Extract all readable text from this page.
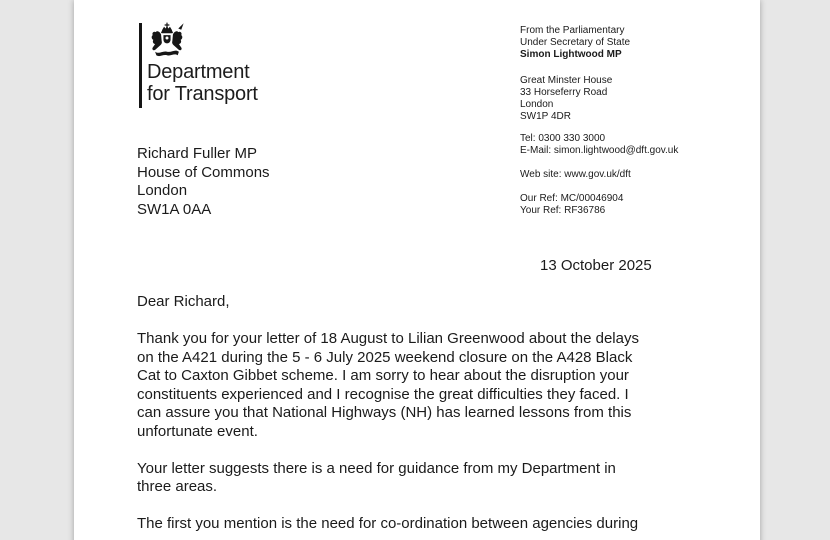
Department
for Transport
From the Parliamentary
Under Secretary of State
Simon Lightwood MP
Great Minster House
33 Horseferry Road
London
SW1P 4DR
Tel: 0300 330 3000
E-Mail: simon.lightwood@dft.gov.uk
Web site: www.gov.uk/dft
Our Ref: MC/00046904
Your Ref: RF36786
Richard Fuller MP
House of Commons
London
SW1A 0AA
13 October 2025
Dear Richard,
Thank you for your letter of 18 August to Lilian Greenwood about the delays
on the A421 during the 5 - 6 July 2025 weekend closure on the A428 Black
Cat to Caxton Gibbet scheme. I am sorry to hear about the disruption your
constituents experienced and I recognise the great difficulties they faced. I
can assure you that National Highways (NH) has learned lessons from this
unfortunate event.
Your letter suggests there is a need for guidance from my Department in
three areas.
The first you mention is the need for co-ordination between agencies during
